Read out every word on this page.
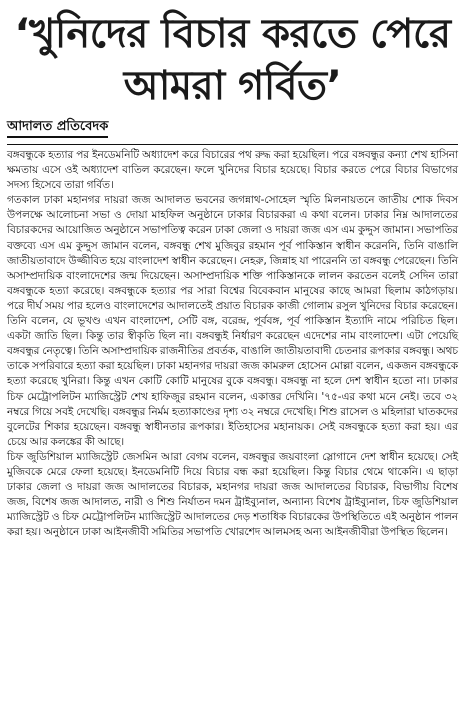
‘খুনিদের বিচার করতে পেরে
আমরা গর্বিত’
আদালত প্রতিবেদক

বঙ্গবন্ধুকে হত্যার পর ইনডেমনিটি অধ্যাদেশ করে বিচারের পথ রুদ্ধ করা হয়েছিল। পরে বঙ্গবন্ধুর কন্যা শেখ হাসিনা ক্ষমতায় এসে ওই অধ্যাদেশ বাতিল করেছেন। ফলে খুনিদের বিচার হয়েছে। বিচার করতে পেরে বিচার বিভাগের সদস্য হিসেবে তারা গর্বিত।

গতকাল ঢাকা মহানগর দায়রা জজ আদালত ভবনের জগন্নাথ-সোহেল স্মৃতি মিলনায়তনে জাতীয় শোক দিবস উপলক্ষে আলোচনা সভা ও দোয়া মাহফিল অনুষ্ঠানে ঢাকার বিচারকরা এ কথা বলেন। ঢাকার নিম্ন আদালতের বিচারকদের আয়োজিত অনুষ্ঠানে সভাপতিত্ব করেন ঢাকা জেলা ও দায়রা জজ এস এম কুদ্দুস জামান। সভাপতির বক্তব্যে এস এম কুদ্দুস জামান বলেন, বঙ্গবন্ধু শেখ মুজিবুর রহমান পূর্ব পাকিস্তান স্বাধীন করেননি, তিনি বাঙালি জাতীয়তাবাদে উজ্জীবিত হয়ে বাংলাদেশ স্বাধীন করেছেন। নেহরু, জিন্নাহ যা পারেননি তা বঙ্গবন্ধু পেরেছেন। তিনি অসাম্প্রদায়িক বাংলাদেশের জন্ম দিয়েছেন। অসাম্প্রদায়িক শক্তি পাকিস্তানকে লালন করতেন বলেই সেদিন তারা বঙ্গবন্ধুকে হত্যা করেছে। বঙ্গবন্ধুকে হত্যার পর সারা বিশ্বের বিবেকবান মানুষের কাছে আমরা ছিলাম কাঠগড়ায়। পরে দীর্ঘ সময় পার হলেও বাংলাদেশের আদালতেই প্রয়াত বিচারক কাজী গোলাম রসুল খুনিদের বিচার করেছেন। তিনি বলেন, যে ভূখণ্ড এখন বাংলাদেশ, সেটি বঙ্গ, বরেন্দ্র, পূর্ববঙ্গ, পূর্ব পাকিস্তান ইত্যাদি নামে পরিচিত ছিল। একটা জাতি ছিল। কিন্তু তার স্বীকৃতি ছিল না। বঙ্গবন্ধুই নির্ধারণ করেছেন এদেশের নাম বাংলাদেশ। এটা পেয়েছি বঙ্গবন্ধুর নেতৃত্বে। তিনি অসাম্প্রদায়িক রাজনীতির প্রবর্তক, বাঙালি জাতীয়তাবাদী চেতনার রূপকার বঙ্গবন্ধু। অথচ তাকে সপরিবারে হত্যা করা হয়েছিল। ঢাকা মহানগর দায়রা জজ কামরুল হোসেন মোল্লা বলেন, একজন বঙ্গবন্ধুকে হত্যা করেছে খুনিরা। কিন্তু এখন কোটি কোটি মানুষের বুকে বঙ্গবন্ধু। বঙ্গবন্ধু না হলে দেশ স্বাধীন হতো না। ঢাকার চিফ মেট্রোপলিটন ম্যাজিস্ট্রেট শেখ হাফিজুর রহমান বলেন, একাত্তর দেখিনি। '৭৫-এর কথা মনে নেই। তবে ৩২ নম্বরে গিয়ে সবই দেখেছি। বঙ্গবন্ধুর নির্মম হত্যাকাণ্ডের দৃশ্য ৩২ নম্বরে দেখেছি। শিশু রাসেল ও মহিলারা ঘাতকদের বুলেটের শিকার হয়েছেন। বঙ্গবন্ধু স্বাধীনতার রূপকার। ইতিহাসের মহানায়ক। সেই বঙ্গবন্ধুকে হত্যা করা হয়। এর চেয়ে আর কলঙ্কের কী আছে।

চিফ জুডিশিয়াল ম্যাজিস্ট্রেট জেসমিন আরা বেগম বলেন, বঙ্গবন্ধুর জয়বাংলা স্লোগানে দেশ স্বাধীন হয়েছে। সেই মুজিবকে মেরে ফেলা হয়েছে। ইনডেমনিটি দিয়ে বিচার বন্ধ করা হয়েছিল। কিন্তু বিচার থেমে থাকেনি। এ ছাড়া ঢাকার জেলা ও দায়রা জজ আদালতের বিচারক, মহানগর দায়রা জজ আদালতের বিচারক, বিভাগীয় বিশেষ জজ, বিশেষ জজ আদালত, নারী ও শিশু নির্যাতন দমন ট্রাইব্যুনাল, অন্যান্য বিশেষ ট্রাইব্যুনাল, চিফ জুডিশিয়াল ম্যাজিস্ট্রেট ও চিফ মেট্রোপলিটন ম্যাজিস্ট্রেট আদালতের দেড় শতাধিক বিচারকের উপস্থিতিতে এই অনুষ্ঠান পালন করা হয়। অনুষ্ঠানে ঢাকা আইনজীবী সমিতির সভাপতি খোরশেদ আলমসহ অন্য আইনজীবীরা উপস্থিত ছিলেন।
